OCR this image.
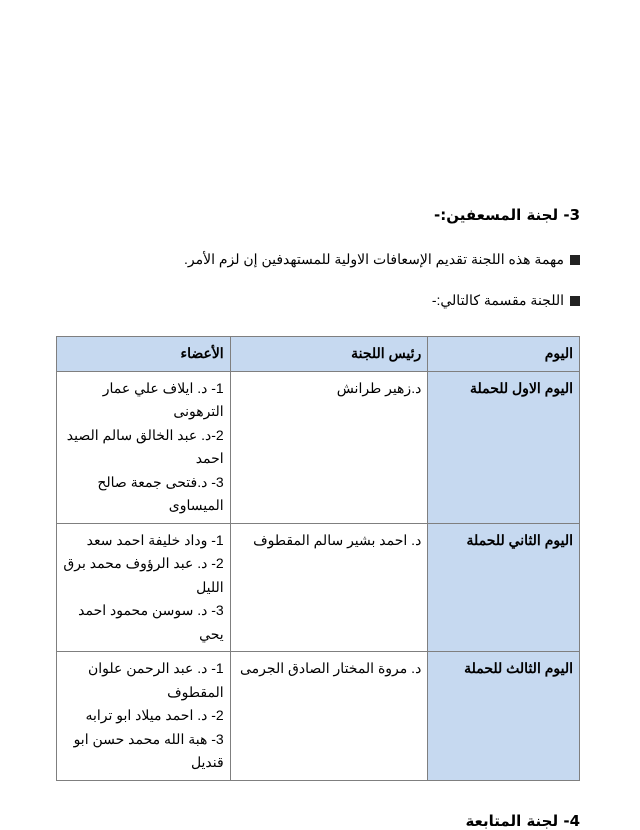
3- لجنة المسعفين:-
مهمة هذه اللجنة تقديم الإسعافات الاولية للمستهدفين إن لزم الأمر.
اللجنة مقسمة كالتالي:-
اليوم	رئيس اللجنة	الأعضاء
اليوم الاول للحملة	د.زهير طرانش	1- د. ايلاف علي عمار الترهونى
2-د. عبد الخالق سالم الصيد احمد
3- د.فتحى جمعة صالح الميساوى

اليوم الثاني للحملة	د. احمد بشير سالم المقطوف	1- وداد خليفة احمد سعد
2- د. عبد الرؤوف محمد برق الليل
3- د. سوسن محمود احمد يحي

اليوم الثالث للحملة	د. مروة المختار الصادق الجرمى	1- د. عبد الرحمن علوان المقطوف
2- د. احمد ميلاد ابو ترابه
3- هبة الله محمد حسن ابو قنديل
4- لجنة المتابعة
